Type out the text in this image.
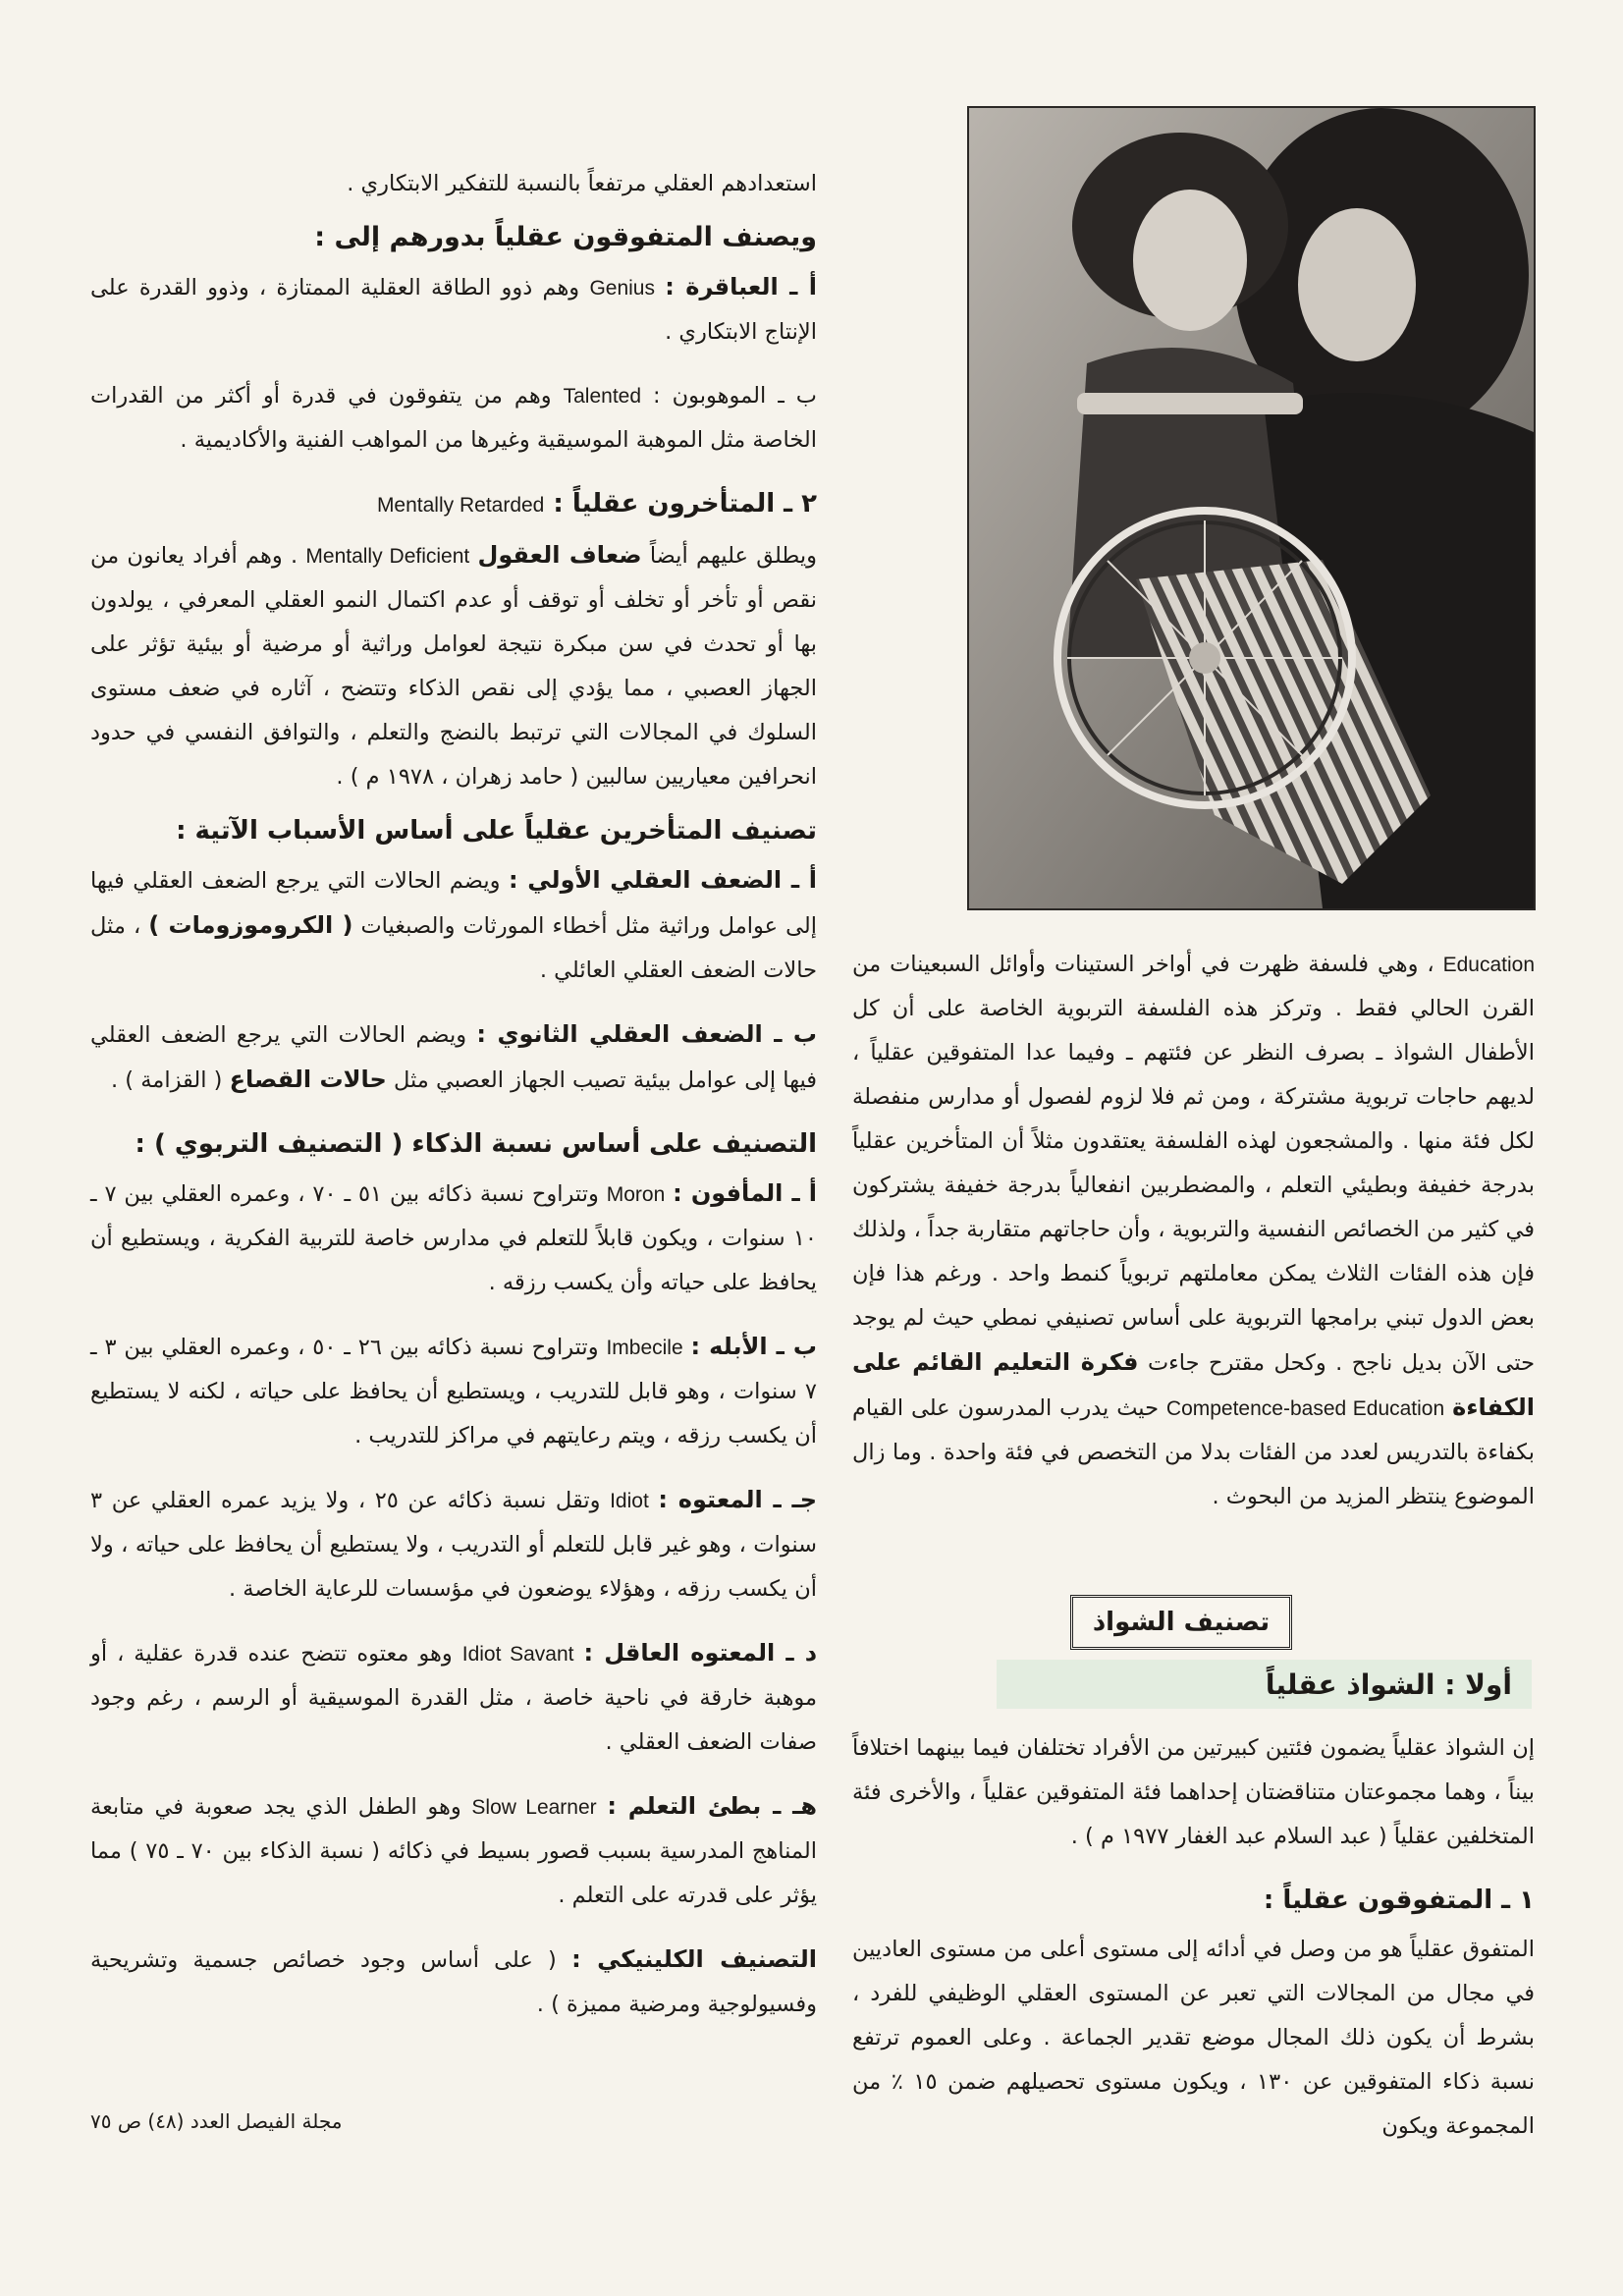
استعدادهم العقلي مرتفعاً بالنسبة للتفكير الابتكاري .

ويصنف المتفوقون عقلياً بدورهم إلى :

أ ـ العباقرة : Genius وهم ذوو الطاقة العقلية الممتازة ، وذوو القدرة على الإنتاج الابتكاري .

ب ـ الموهوبون : Talented وهم من يتفوقون في قدرة أو أكثر من القدرات الخاصة مثل الموهبة الموسيقية وغيرها من المواهب الفنية والأكاديمية .

٢ ـ المتأخرون عقلياً : Mentally Retarded

ويطلق عليهم أيضاً ضعاف العقول Mentally Deficient . وهم أفراد يعانون من نقص أو تأخر أو تخلف أو توقف أو عدم اكتمال النمو العقلي المعرفي ، يولدون بها أو تحدث في سن مبكرة نتيجة لعوامل وراثية أو مرضية أو بيئية تؤثر على الجهاز العصبي ، مما يؤدي إلى نقص الذكاء وتتضح ، آثاره في ضعف مستوى السلوك في المجالات التي ترتبط بالنضج والتعلم ، والتوافق النفسي في حدود انحرافين معياريين سالبين ( حامد زهران ، ١٩٧٨ م ) .

تصنيف المتأخرين عقلياً على أساس الأسباب الآتية :

أ ـ الضعف العقلي الأولي : ويضم الحالات التي يرجع الضعف العقلي فيها إلى عوامل وراثية مثل أخطاء المورثات والصبغيات ( الكروموزومات ) ، مثل حالات الضعف العقلي العائلي .

ب ـ الضعف العقلي الثانوي : ويضم الحالات التي يرجع الضعف العقلي فيها إلى عوامل بيئية تصيب الجهاز العصبي مثل حالات القصاع ( القزامة ) .

التصنيف على أساس نسبة الذكاء ( التصنيف التربوي ) :

أ ـ المأفون : Moron وتتراوح نسبة ذكائه بين ٥١ ـ ٧٠ ، وعمره العقلي بين ٧ ـ ١٠ سنوات ، ويكون قابلاً للتعلم في مدارس خاصة للتربية الفكرية ، ويستطيع أن يحافظ على حياته وأن يكسب رزقه .

ب ـ الأبله : Imbecile وتتراوح نسبة ذكائه بين ٢٦ ـ ٥٠ ، وعمره العقلي بين ٣ ـ ٧ سنوات ، وهو قابل للتدريب ، ويستطيع أن يحافظ على حياته ، لكنه لا يستطيع أن يكسب رزقه ، ويتم رعايتهم في مراكز للتدريب .

جـ ـ المعتوه : Idiot وتقل نسبة ذكائه عن ٢٥ ، ولا يزيد عمره العقلي عن ٣ سنوات ، وهو غير قابل للتعلم أو التدريب ، ولا يستطيع أن يحافظ على حياته ، ولا أن يكسب رزقه ، وهؤلاء يوضعون في مؤسسات للرعاية الخاصة .

د ـ المعتوه العاقل : Idiot Savant وهو معتوه تتضح عنده قدرة عقلية ، أو موهبة خارقة في ناحية خاصة ، مثل القدرة الموسيقية أو الرسم ، رغم وجود صفات الضعف العقلي .

هـ ـ بطئ التعلم : Slow Learner وهو الطفل الذي يجد صعوبة في متابعة المناهج المدرسية بسبب قصور بسيط في ذكائه ( نسبة الذكاء بين ٧٠ ـ ٧٥ ) مما يؤثر على قدرته على التعلم .

التصنيف الكلينيكي : ( على أساس وجود خصائص جسمية وتشريحية وفسيولوجية ومرضية مميزة ) .

Education ، وهي فلسفة ظهرت في أواخر الستينات وأوائل السبعينات من القرن الحالي فقط . وتركز هذه الفلسفة التربوية الخاصة على أن كل الأطفال الشواذ ـ بصرف النظر عن فئتهم ـ وفيما عدا المتفوقين عقلياً ، لديهم حاجات تربوية مشتركة ، ومن ثم فلا لزوم لفصول أو مدارس منفصلة لكل فئة منها . والمشجعون لهذه الفلسفة يعتقدون مثلاً أن المتأخرين عقلياً بدرجة خفيفة وبطيئي التعلم ، والمضطربين انفعالياً بدرجة خفيفة يشتركون في كثير من الخصائص النفسية والتربوية ، وأن حاجاتهم متقاربة جداً ، ولذلك فإن هذه الفئات الثلاث يمكن معاملتهم تربوياً كنمط واحد . ورغم هذا فإن بعض الدول تبني برامجها التربوية على أساس تصنيفي نمطي حيث لم يوجد حتى الآن بديل ناجح . وكحل مقترح جاءت فكرة التعليم القائم على الكفاءة Competence-based Education حيث يدرب المدرسون على القيام بكفاءة بالتدريس لعدد من الفئات بدلا من التخصص في فئة واحدة . وما زال الموضوع ينتظر المزيد من البحوث .

تصنيف الشواذ
أولا : الشواذ عقلياً

إن الشواذ عقلياً يضمون فئتين كبيرتين من الأفراد تختلفان فيما بينهما اختلافاً بيناً ، وهما مجموعتان متناقضتان إحداهما فئة المتفوقين عقلياً ، والأخرى فئة المتخلفين عقلياً ( عبد السلام عبد الغفار ١٩٧٧ م ) .

١ ـ المتفوقون عقلياً :

المتفوق عقلياً هو من وصل في أدائه إلى مستوى أعلى من مستوى العاديين في مجال من المجالات التي تعبر عن المستوى العقلي الوظيفي للفرد ، بشرط أن يكون ذلك المجال موضع تقدير الجماعة . وعلى العموم ترتفع نسبة ذكاء المتفوقين عن ١٣٠ ، ويكون مستوى تحصيلهم ضمن ١٥ ٪ من المجموعة ويكون

مجلة الفيصل العدد (٤٨) ص ٧٥
